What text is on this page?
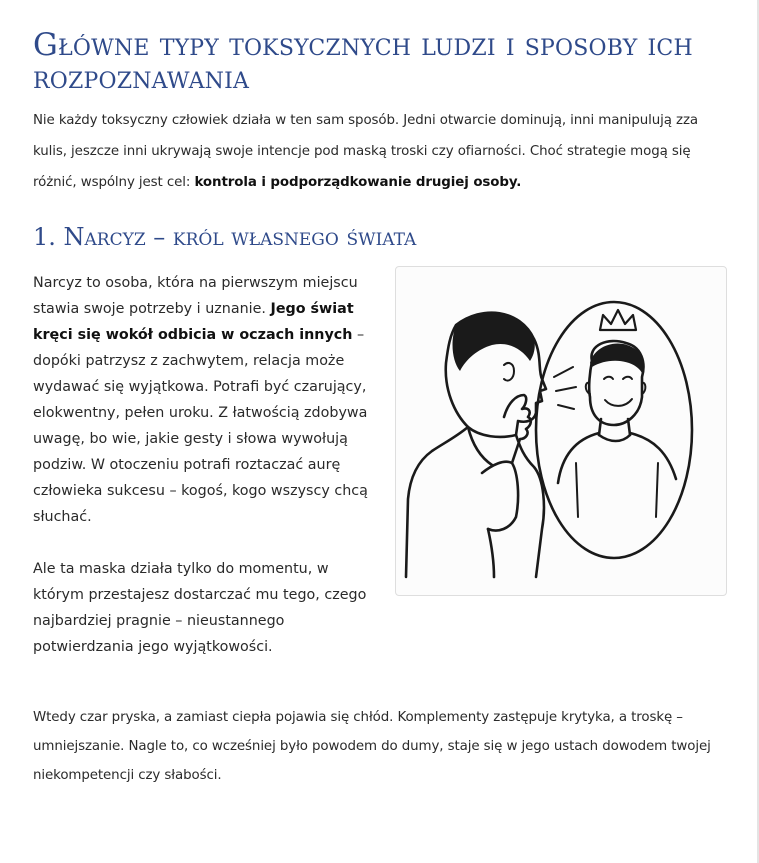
Główne typy toksycznych ludzi i sposoby ich rozpoznawania

Nie każdy toksyczny człowiek działa w ten sam sposób. Jedni otwarcie dominują, inni manipulują zza kulis, jeszcze inni ukrywają swoje intencje pod maską troski czy ofiarności. Choć strategie mogą się różnić, wspólny jest cel: kontrola i podporządkowanie drugiej osoby.

1. Narcyz – król własnego świata

Narcyz to osoba, która na pierwszym miejscu stawia swoje potrzeby i uznanie. Jego świat kręci się wokół odbicia w oczach innych – dopóki patrzysz z zachwytem, relacja może wydawać się wyjątkowa. Potrafi być czarujący, elokwentny, pełen uroku. Z łatwością zdobywa uwagę, bo wie, jakie gesty i słowa wywołują podziw. W otoczeniu potrafi roztaczać aurę człowieka sukcesu – kogoś, kogo wszyscy chcą słuchać.

Ale ta maska działa tylko do momentu, w którym przestajesz dostarczać mu tego, czego najbardziej pragnie – nieustannego potwierdzania jego wyjątkowości.

Wtedy czar pryska, a zamiast ciepła pojawia się chłód. Komplementy zastępuje krytyka, a troskę – umniejszanie. Nagle to, co wcześniej było powodem do dumy, staje się w jego ustach dowodem twojej niekompetencji czy słabości.
